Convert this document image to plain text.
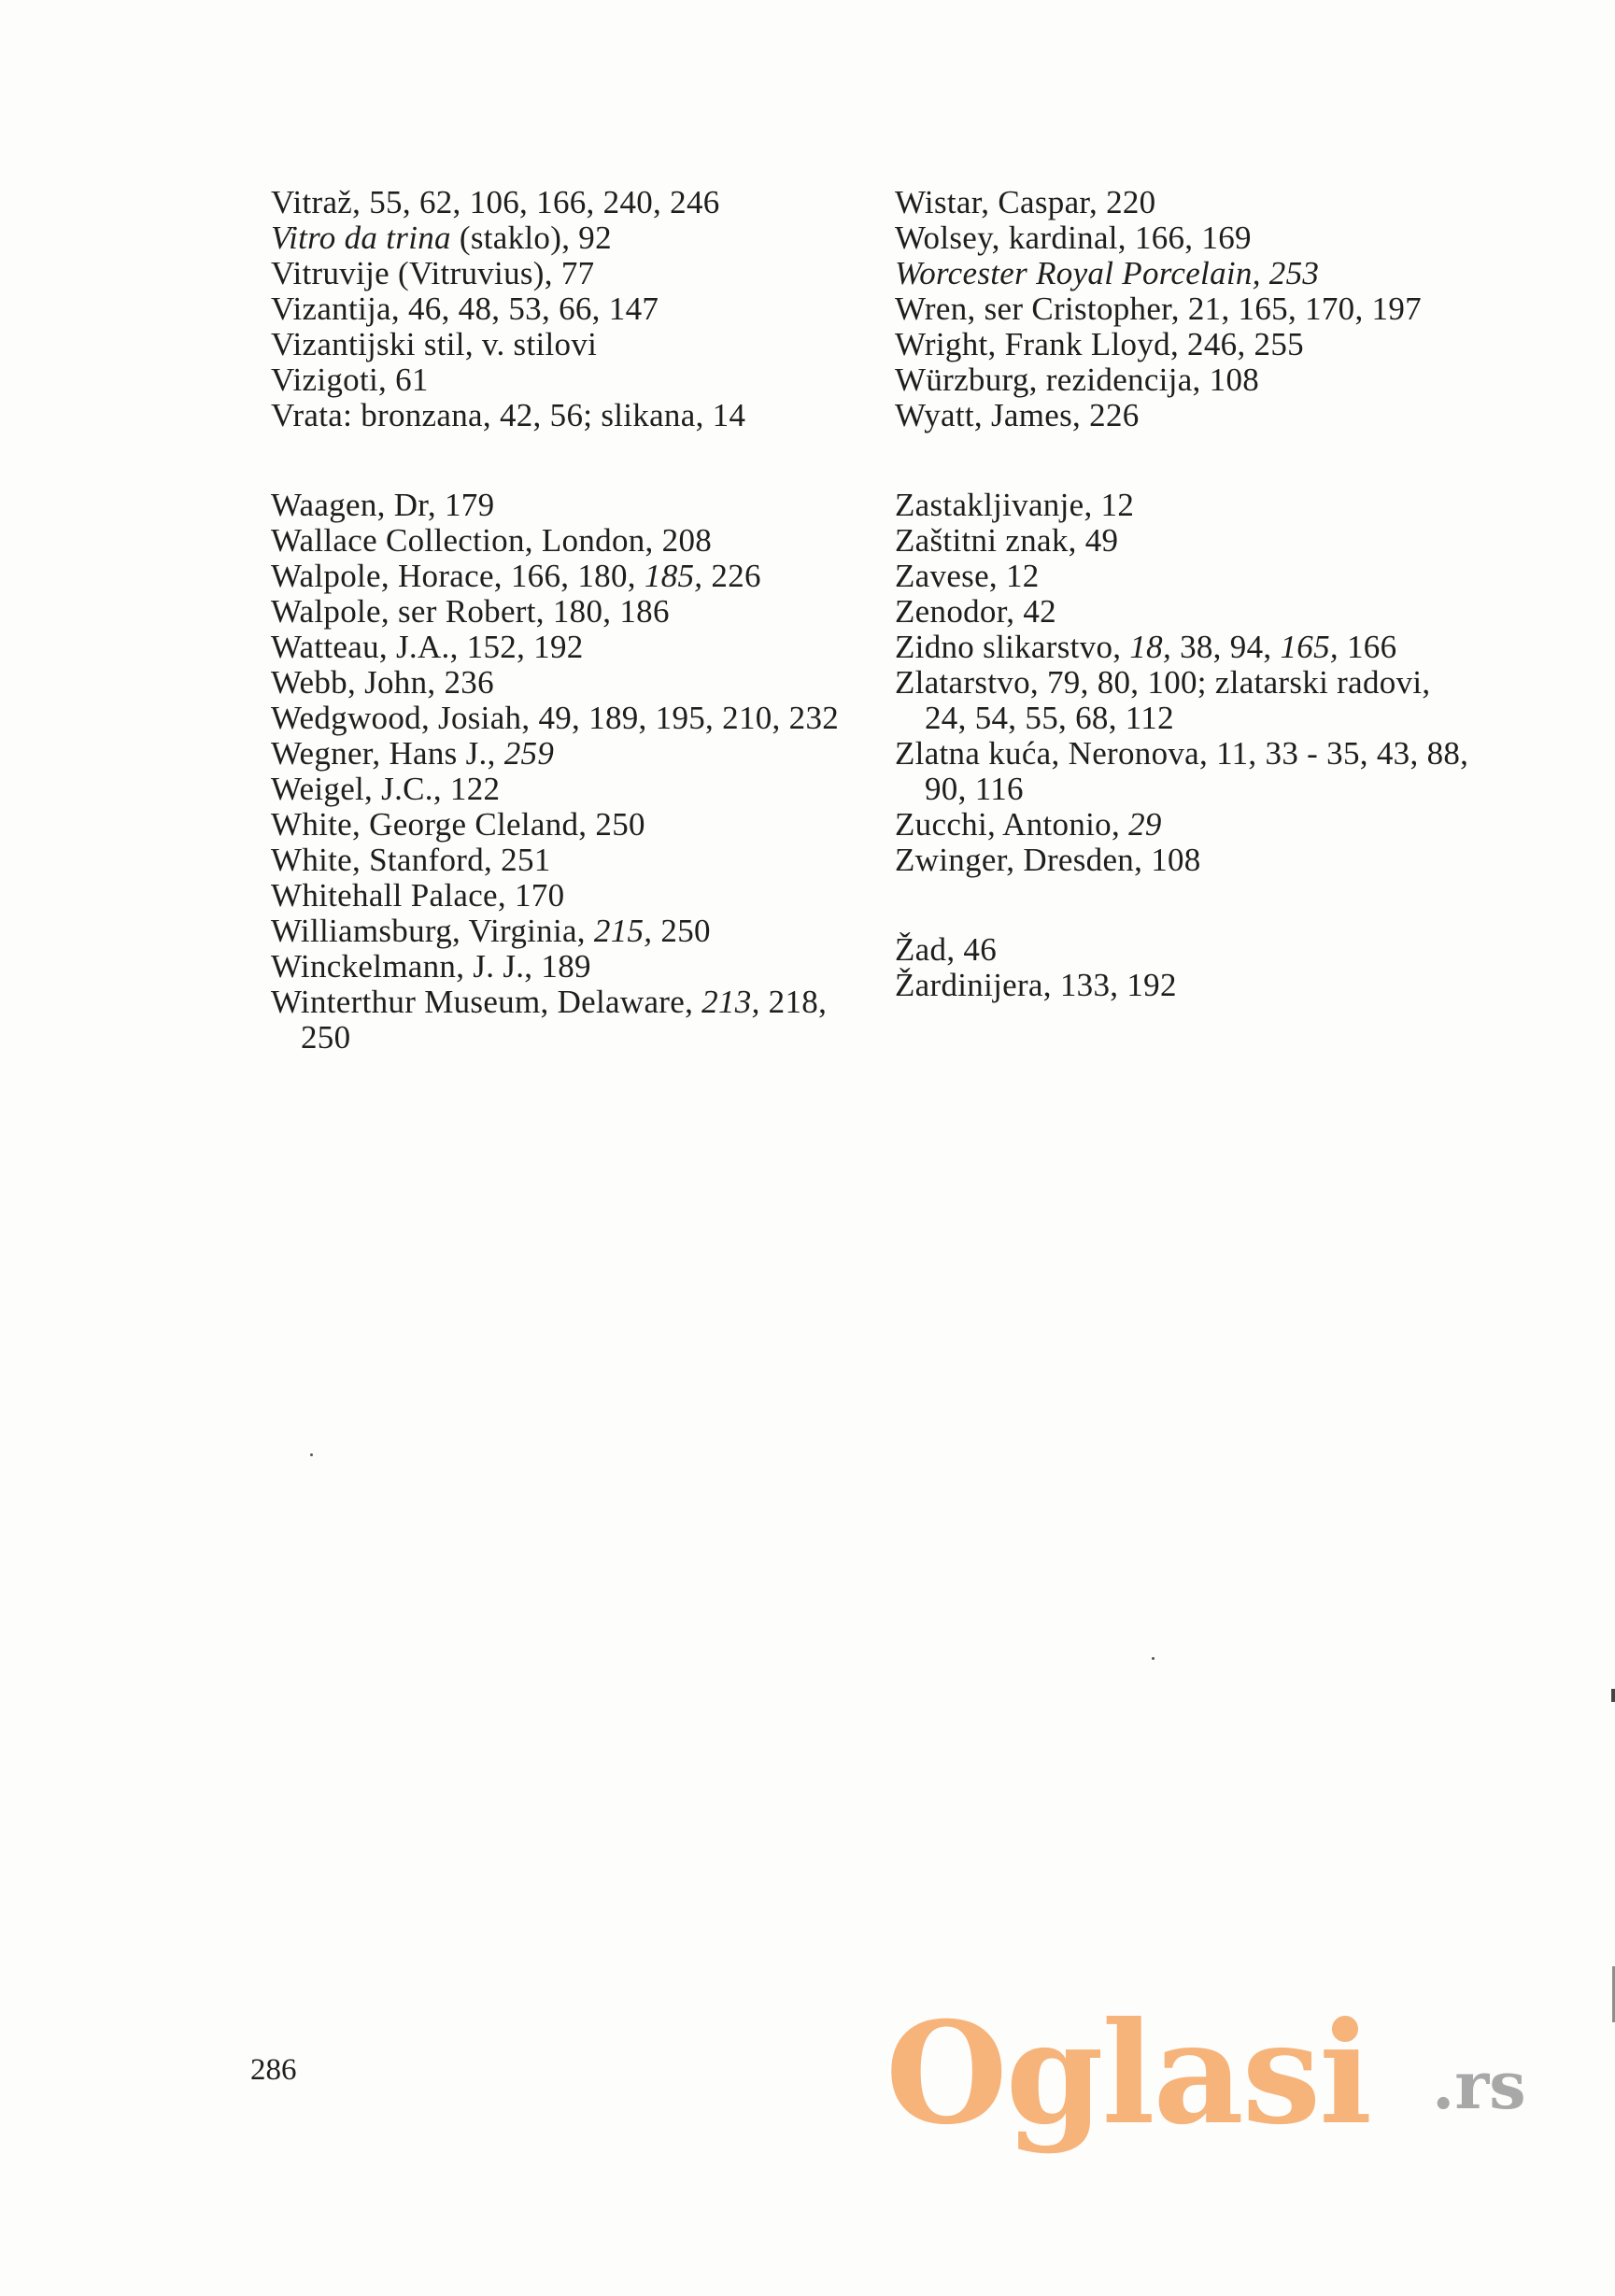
Vitraž, 55, 62, 106, 166, 240, 246

Vitro da trina (staklo), 92

Vitruvije (Vitruvius), 77

Vizantija, 46, 48, 53, 66, 147

Vizantijski stil, v. stilovi

Vizigoti, 61

Vrata: bronzana, 42, 56; slikana, 14

Waagen, Dr, 179

Wallace Collection, London, 208

Walpole, Horace, 166, 180, 185, 226

Walpole, ser Robert, 180, 186

Watteau, J.A., 152, 192

Webb, John, 236

Wedgwood, Josiah, 49, 189, 195, 210, 232

Wegner, Hans J., 259

Weigel, J.C., 122

White, George Cleland, 250

White, Stanford, 251

Whitehall Palace, 170

Williamsburg, Virginia, 215, 250

Winckelmann, J. J., 189

Winterthur Museum, Delaware, 213, 218, 250

Wistar, Caspar, 220

Wolsey, kardinal, 166, 169

Worcester Royal Porcelain, 253

Wren, ser Cristopher, 21, 165, 170, 197

Wright, Frank Lloyd, 246, 255

Würzburg, rezidencija, 108

Wyatt, James, 226

Zastakljivanje, 12

Zaštitni znak, 49

Zavese, 12

Zenodor, 42

Zidno slikarstvo, 18, 38, 94, 165, 166

Zlatarstvo, 79, 80, 100; zlatarski radovi, 24, 54, 55, 68, 112

Zlatna kuća, Neronova, 11, 33 - 35, 43, 88, 90, 116

Zucchi, Antonio, 29

Zwinger, Dresden, 108

Žad, 46

Žardinijera, 133, 192

286	Oglasi .rs
